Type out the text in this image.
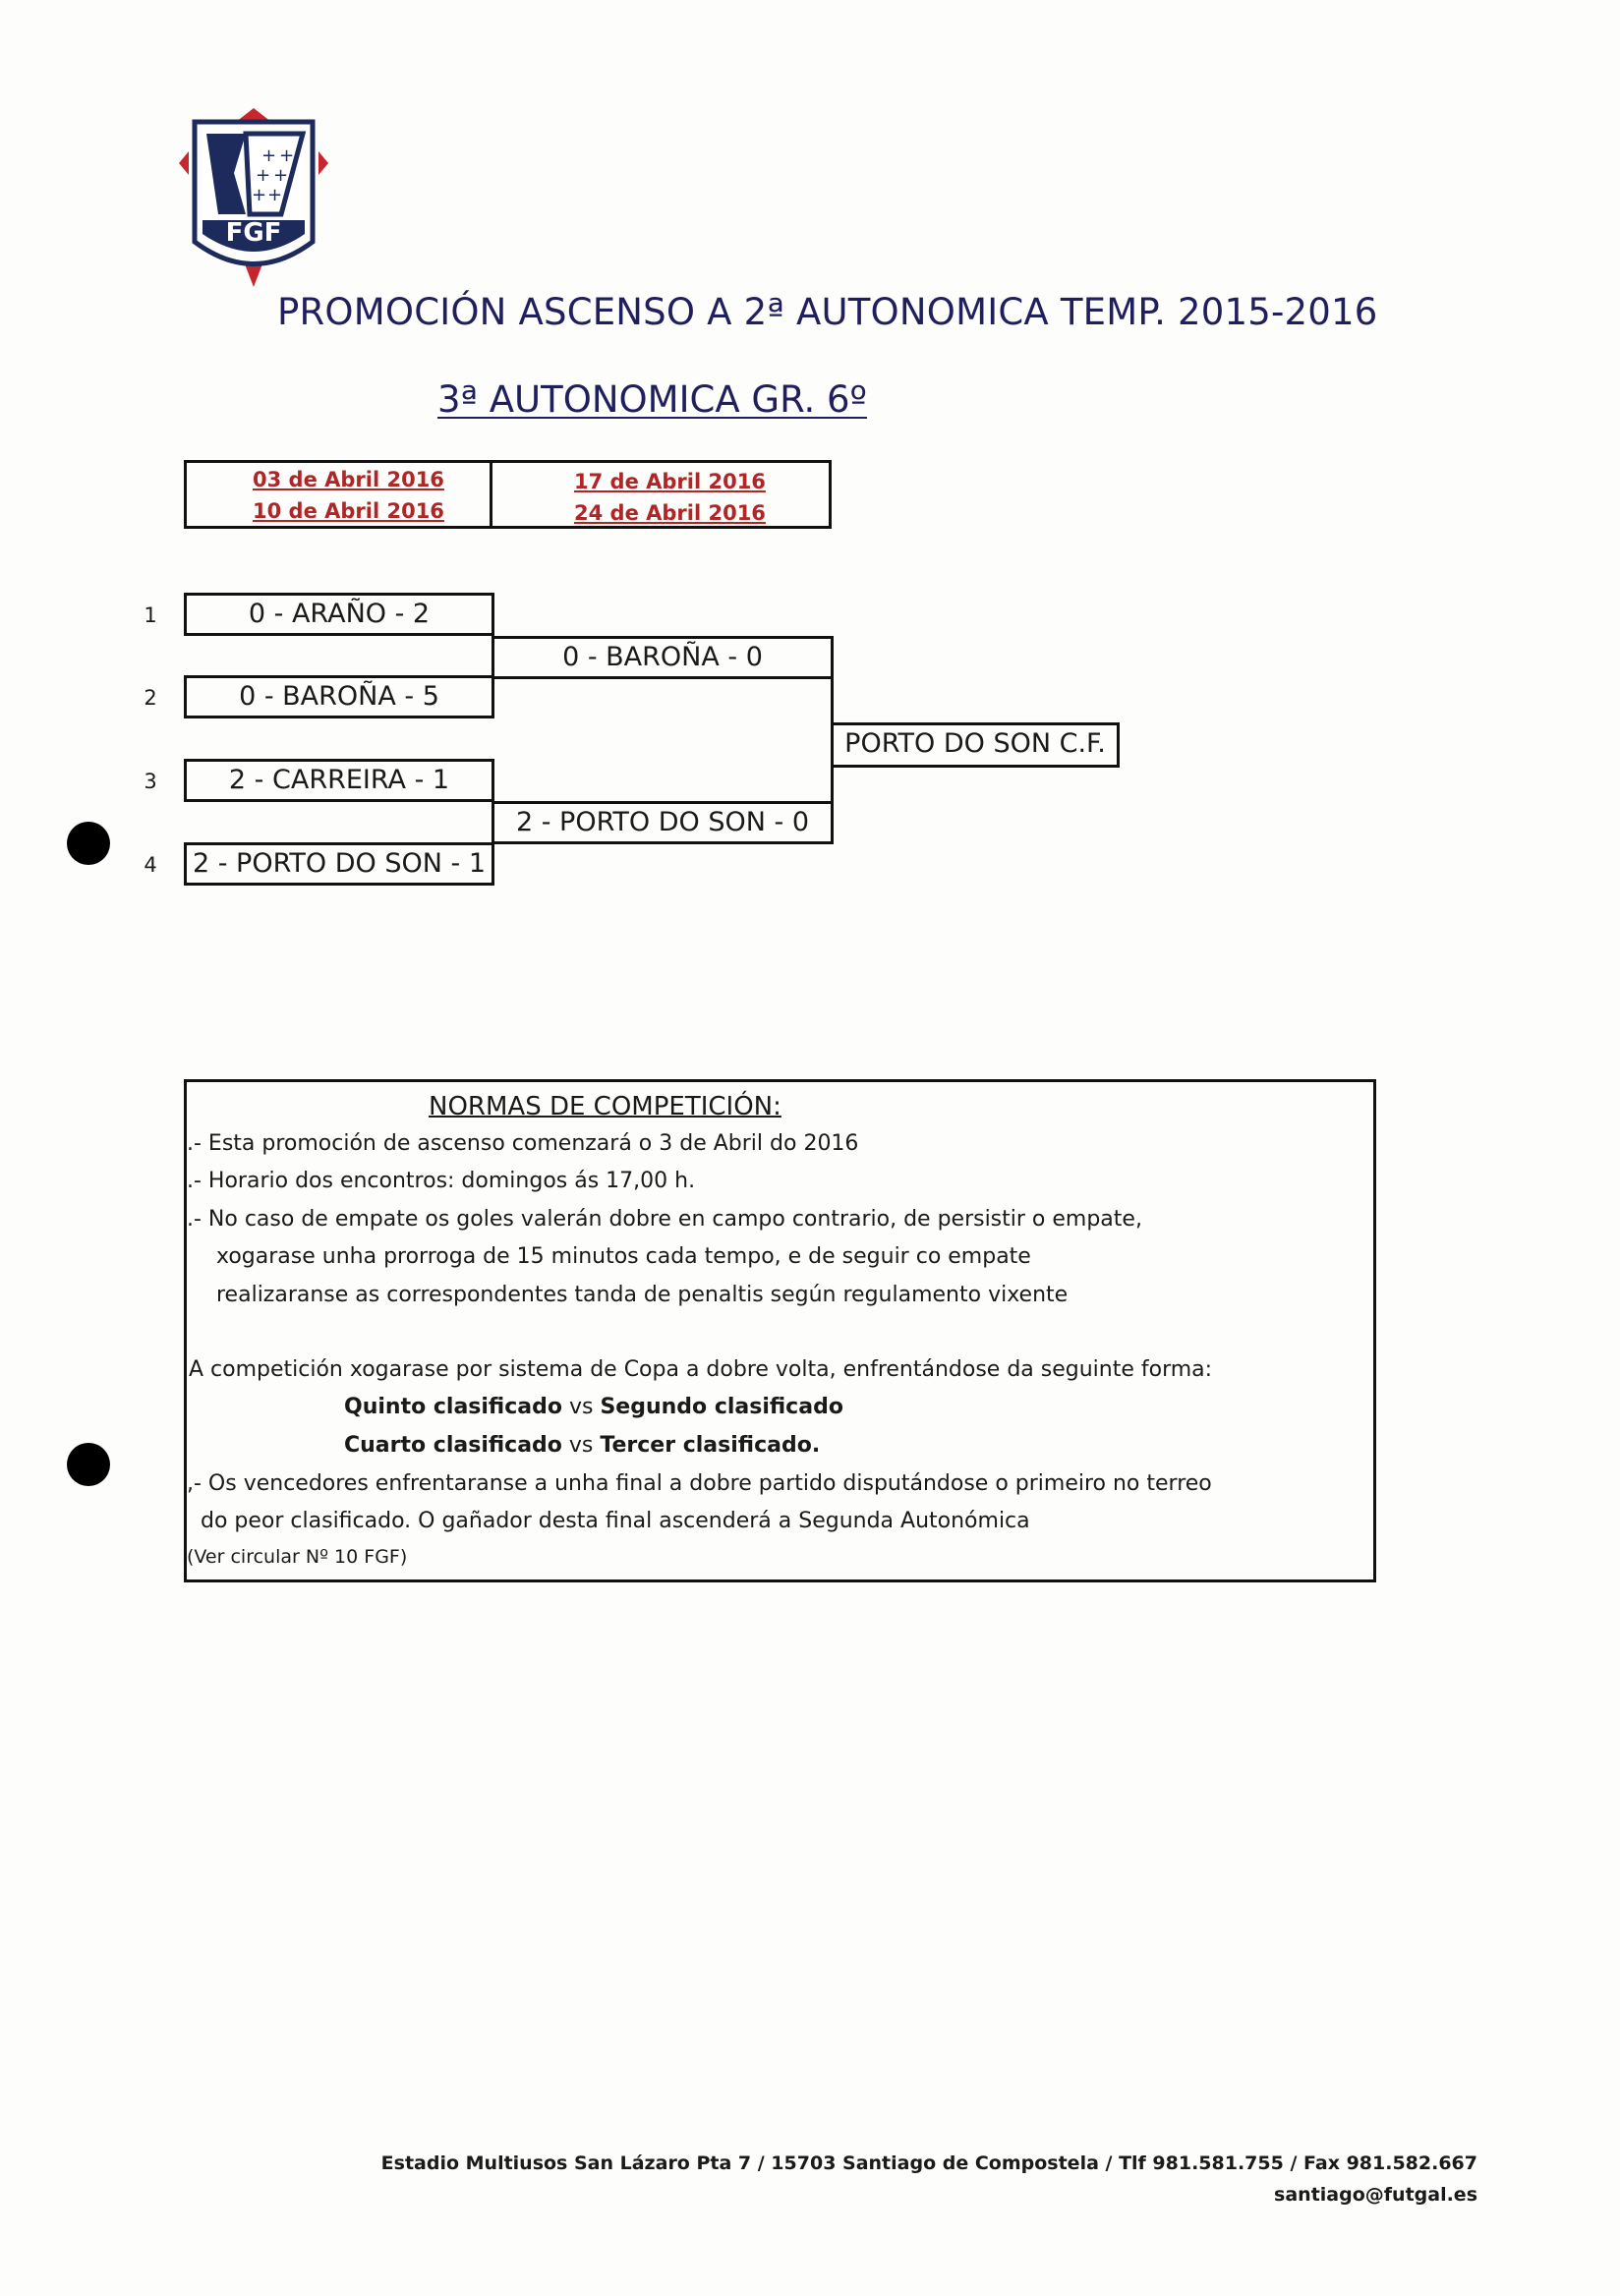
+ +
+ +
+ +
FGF
PROMOCIÓN ASCENSO A 2ª AUTONOMICA TEMP. 2015-2016
3ª AUTONOMICA GR. 6º
03 de Abril 2016
10 de Abril 2016
17 de Abril 2016
24 de Abril 2016
1
2
3
4
0 - ARAÑO - 2
0 - BAROÑA - 5
2 - CARREIRA - 1
2 - PORTO DO SON - 1
0 - BAROÑA - 0
2 - PORTO DO SON - 0
PORTO DO SON C.F.
NORMAS DE COMPETICIÓN:
.- Esta promoción de ascenso comenzará o 3 de Abril do 2016
.- Horario dos encontros: domingos ás 17,00 h.
.- No caso de empate os goles valerán dobre en campo contrario, de persistir o empate,
xogarase unha prorroga de 15 minutos cada tempo, e de seguir co empate
realizaranse as correspondentes tanda de penaltis según regulamento vixente
A competición xogarase por sistema de Copa a dobre volta, enfrentándose da seguinte forma:
Quinto clasificado vs Segundo clasificado
Cuarto clasificado vs Tercer clasificado.
,- Os vencedores enfrentaranse a unha final a dobre partido disputándose o primeiro no terreo
do peor clasificado. O gañador desta final ascenderá a Segunda Autonómica
(Ver circular Nº 10 FGF)
Estadio Multiusos San Lázaro Pta 7 / 15703 Santiago de Compostela / Tlf 981.581.755 / Fax 981.582.667
santiago@futgal.es
